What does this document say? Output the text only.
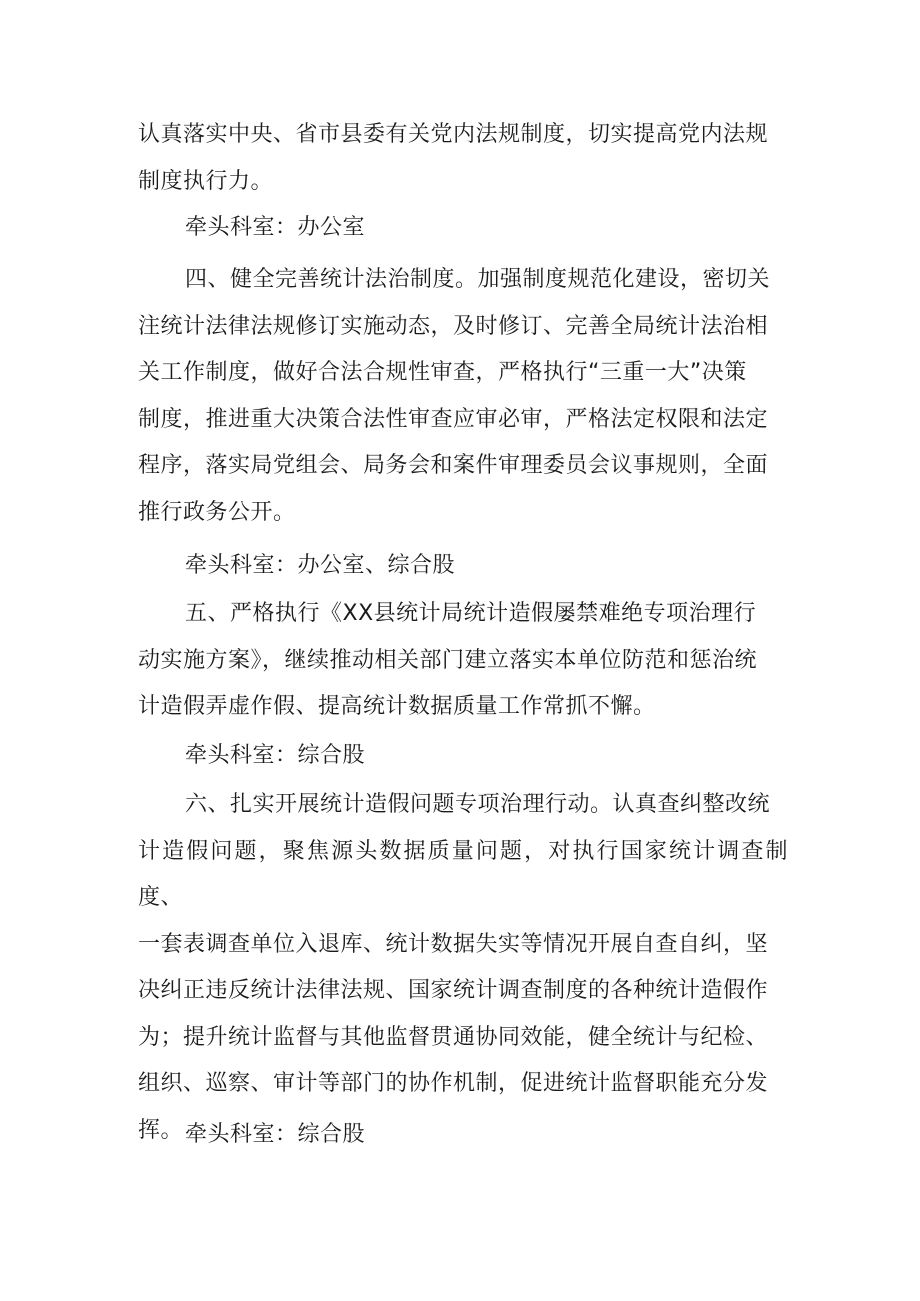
认真落实中央、省市县委有关党内法规制度，切实提高党内法规
制度执行力。

牵头科室：办公室

四、健全完善统计法治制度。加强制度规范化建设，密切关
注统计法律法规修订实施动态，及时修订、完善全局统计法治相
关工作制度，做好合法合规性审查，严格执行“三重一大”决策
制度，推进重大决策合法性审查应审必审，严格法定权限和法定
程序，落实局党组会、局务会和案件审理委员会议事规则，全面
推行政务公开。

牵头科室：办公室、综合股

五、严格执行《XX县统计局统计造假屡禁难绝专项治理行
动实施方案》，继续推动相关部门建立落实本单位防范和惩治统
计造假弄虚作假、提高统计数据质量工作常抓不懈。

牵头科室：综合股

六、扎实开展统计造假问题专项治理行动。认真查纠整改统
计造假问题，聚焦源头数据质量问题，对执行国家统计调查制度、
一套表调查单位入退库、统计数据失实等情况开展自查自纠，坚
决纠正违反统计法律法规、国家统计调查制度的各种统计造假作
为；提升统计监督与其他监督贯通协同效能，健全统计与纪检、
组织、巡察、审计等部门的协作机制，促进统计监督职能充分发
挥。 牵头科室：综合股
